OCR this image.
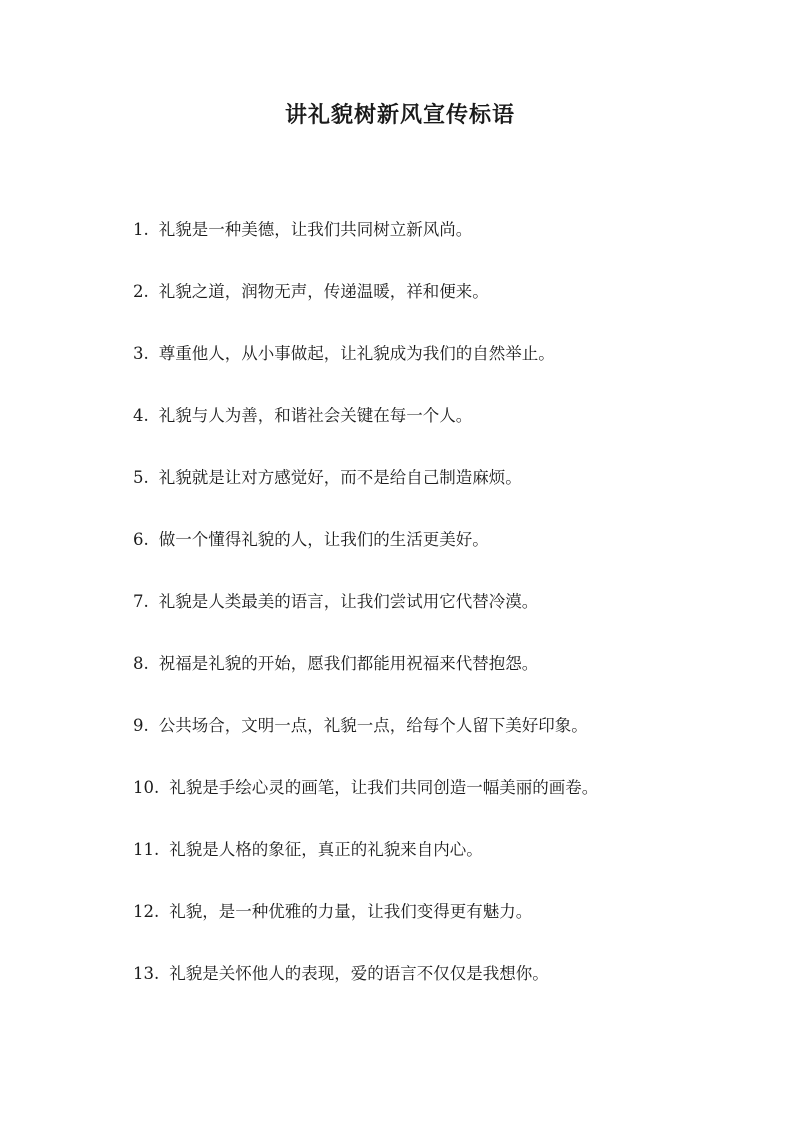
讲礼貌树新风宣传标语
1. 礼貌是一种美德，让我们共同树立新风尚。
2. 礼貌之道，润物无声，传递温暖，祥和便来。
3. 尊重他人，从小事做起，让礼貌成为我们的自然举止。
4. 礼貌与人为善，和谐社会关键在每一个人。
5. 礼貌就是让对方感觉好，而不是给自己制造麻烦。
6. 做一个懂得礼貌的人，让我们的生活更美好。
7. 礼貌是人类最美的语言，让我们尝试用它代替冷漠。
8. 祝福是礼貌的开始，愿我们都能用祝福来代替抱怨。
9. 公共场合，文明一点，礼貌一点，给每个人留下美好印象。
10. 礼貌是手绘心灵的画笔，让我们共同创造一幅美丽的画卷。
11. 礼貌是人格的象征，真正的礼貌来自内心。
12. 礼貌，是一种优雅的力量，让我们变得更有魅力。
13. 礼貌是关怀他人的表现，爱的语言不仅仅是我想你。
